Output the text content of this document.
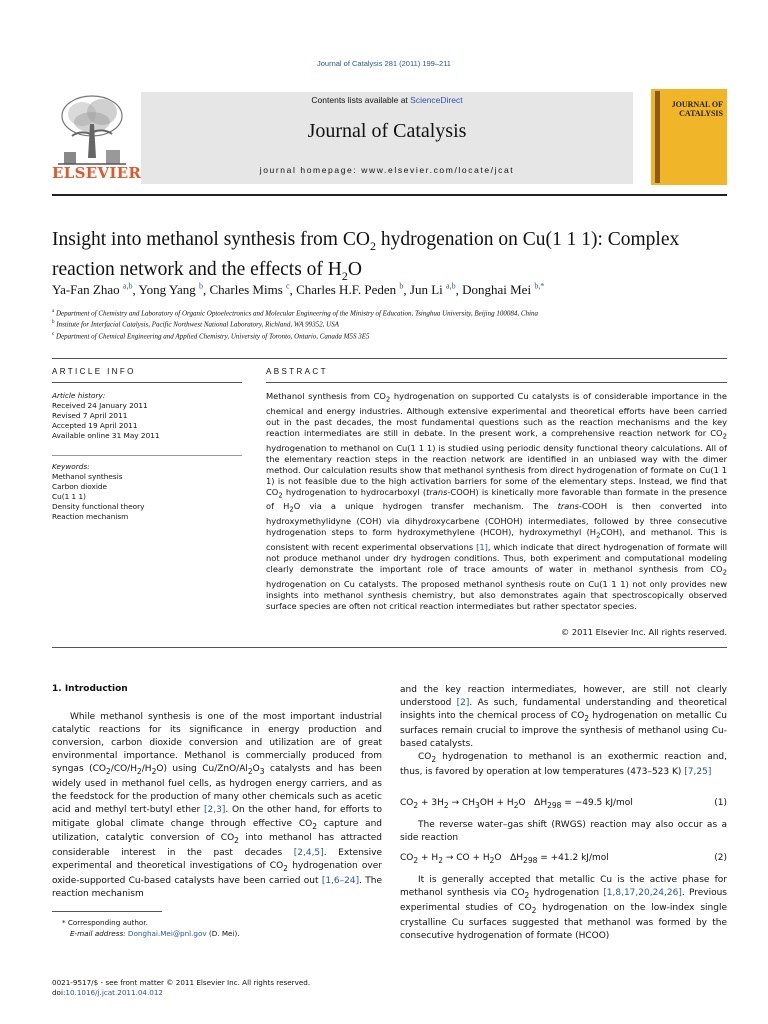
Journal of Catalysis 281 (2011) 199–211
ELSEVIER
Contents lists available at ScienceDirect
Journal of Catalysis
journal homepage: www.elsevier.com/locate/jcat
JOURNAL OF
CATALYSIS
Insight into methanol synthesis from $CO_2$ hydrogenation on Cu(1 1 1): Complex reaction network and the effects of $H_2O$
Ya-Fan Zhao $^{a,b}$, Yong Yang $^b$, Charles Mims $^c$, Charles H.F. Peden $^b$, Jun Li $^{a,b}$, Donghai Mei $^{b,*}$
$^a$ Department of Chemistry and Laboratory of Organic Optoelectronics and Molecular Engineering of the Ministry of Education, Tsinghua University, Beijing 100084, China
$^b$ Institute for Interfacial Catalysis, Pacific Northwest National Laboratory, Richland, WA 99352, USA
$^c$ Department of Chemical Engineering and Applied Chemistry, University of Toronto, Ontario, Canada M5S 3E5
ARTICLE INFO	ABSTRACT
Article history:
Received 24 January 2011
Revised 7 April 2011
Accepted 19 April 2011
Available online 31 May 2011
Keywords:
Methanol synthesis
Carbon dioxide
Cu(1 1 1)
Density functional theory
Reaction mechanism
Methanol synthesis from $CO_2$ hydrogenation on supported Cu catalysts is of considerable importance in the chemical and energy industries. Although extensive experimental and theoretical efforts have been carried out in the past decades, the most fundamental questions such as the reaction mechanisms and the key reaction intermediates are still in debate. In the present work, a comprehensive reaction network for $CO_2$ hydrogenation to methanol on Cu(1 1 1) is studied using periodic density functional theory calculations. All of the elementary reaction steps in the reaction network are identified in an unbiased way with the dimer method. Our calculation results show that methanol synthesis from direct hydrogenation of formate on Cu(1 1 1) is not feasible due to the high activation barriers for some of the elementary steps. Instead, we find that $CO_2$ hydrogenation to hydrocarboxyl (trans-COOH) is kinetically more favorable than formate in the presence of $H_2O$ via a unique hydrogen transfer mechanism. The trans-COOH is then converted into hydroxymethylidyne (COH) via dihydroxycarbene (COHOH) intermediates, followed by three consecutive hydrogenation steps to form hydroxymethylene (HCOH), hydroxymethyl $(H_2COH)$, and methanol. This is consistent with recent experimental observations [1], which indicate that direct hydrogenation of formate will not produce methanol under dry hydrogen conditions. Thus, both experiment and computational modeling clearly demonstrate the important role of trace amounts of water in methanol synthesis from $CO_2$ hydrogenation on Cu catalysts. The proposed methanol synthesis route on Cu(1 1 1) not only provides new insights into methanol synthesis chemistry, but also demonstrates again that spectroscopically observed surface species are often not critical reaction intermediates but rather spectator species.
© 2011 Elsevier Inc. All rights reserved.
1. Introduction

While methanol synthesis is one of the most important industrial catalytic reactions for its significance in energy production and conversion, carbon dioxide conversion and utilization are of great environmental importance. Methanol is commercially produced from syngas $(CO_2/CO/H_2/H_2O)$ using $Cu/ZnO/Al_2O_3$ catalysts and has been widely used in methanol fuel cells, as hydrogen energy carriers, and as the feedstock for the production of many other chemicals such as acetic acid and methyl tert-butyl ether [2,3]. On the other hand, for efforts to mitigate global climate change through effective $CO_2$ capture and utilization, catalytic conversion of $CO_2$ into methanol has attracted considerable interest in the past decades [2,4,5]. Extensive experimental and theoretical investigations of $CO_2$ hydrogenation over oxide-supported Cu-based catalysts have been carried out [1,6–24]. The reaction mechanism

* Corresponding author.
E-mail address: Donghai.Mei@pnl.gov (D. Mei).
0021-9517/$ - see front matter © 2011 Elsevier Inc. All rights reserved.
doi:10.1016/j.jcat.2011.04.012

and the key reaction intermediates, however, are still not clearly understood [2]. As such, fundamental understanding and theoretical insights into the chemical process of $CO_2$ hydrogenation on metallic Cu surfaces remain crucial to improve the synthesis of methanol using Cu-based catalysts.

$CO_2$ hydrogenation to methanol is an exothermic reaction and, thus, is favored by operation at low temperatures (473–523 K) [7,25]

$CO_2 + 3H_2 \to CH_3OH + H_2O$ $\Delta H_{298} = -49.5$ kJ/mol	(1)

The reverse water–gas shift (RWGS) reaction may also occur as a side reaction

$CO_2 + H_2$ → CO + $H_2O$ $\Delta H_{298} = +41.2$ kJ/mol	(2)

It is generally accepted that metallic Cu is the active phase for methanol synthesis via $CO_2$ hydrogenation [1,8,17,20,24,26]. Previous experimental studies of $CO_2$ hydrogenation on the low-index single crystalline Cu surfaces suggested that methanol was formed by the consecutive hydrogenation of formate (HCOO)
